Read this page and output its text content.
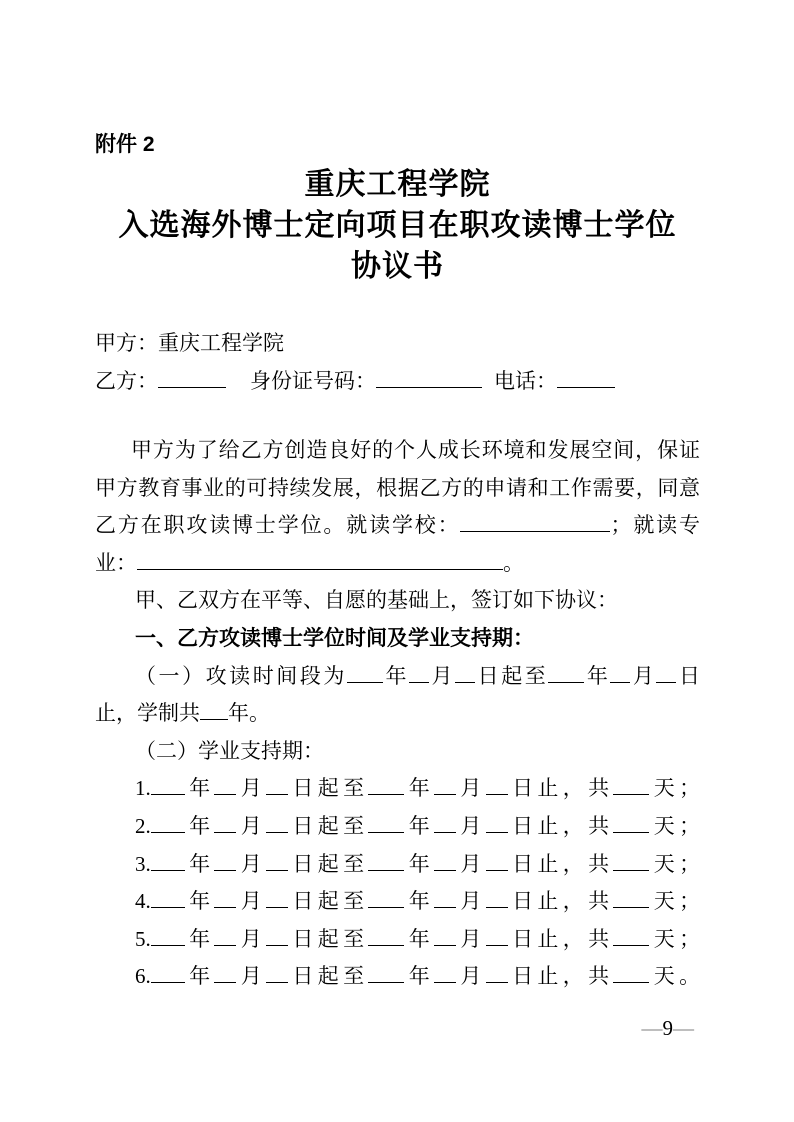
附件 2
重庆工程学院
入选海外博士定向项目在职攻读博士学位
协议书
甲方：重庆工程学院
乙方：	身份证号码：	电话：
甲方为了给乙方创造良好的个人成长环境和发展空间，保证
甲方教育事业的可持续发展，根据乙方的申请和工作需要，同意
乙方在职攻读博士学位。就读学校：	；就读专
业：	。
甲、乙双方在平等、自愿的基础上，签订如下协议：
一、乙方攻读博士学位时间及学业支持期：
（一）攻读时间段为 年 月 日起至 年 月 日
止，学制共 年。
（二）学业支持期：
1. 年 月 日起至 年 月 日止，共 天；
2. 年 月 日起至 年 月 日止，共 天；
3. 年 月 日起至 年 月 日止，共 天；
4. 年 月 日起至 年 月 日止，共 天；
5. 年 月 日起至 年 月 日止，共 天；
6. 年 月 日起至 年 月 日止，共 天。
—9—
